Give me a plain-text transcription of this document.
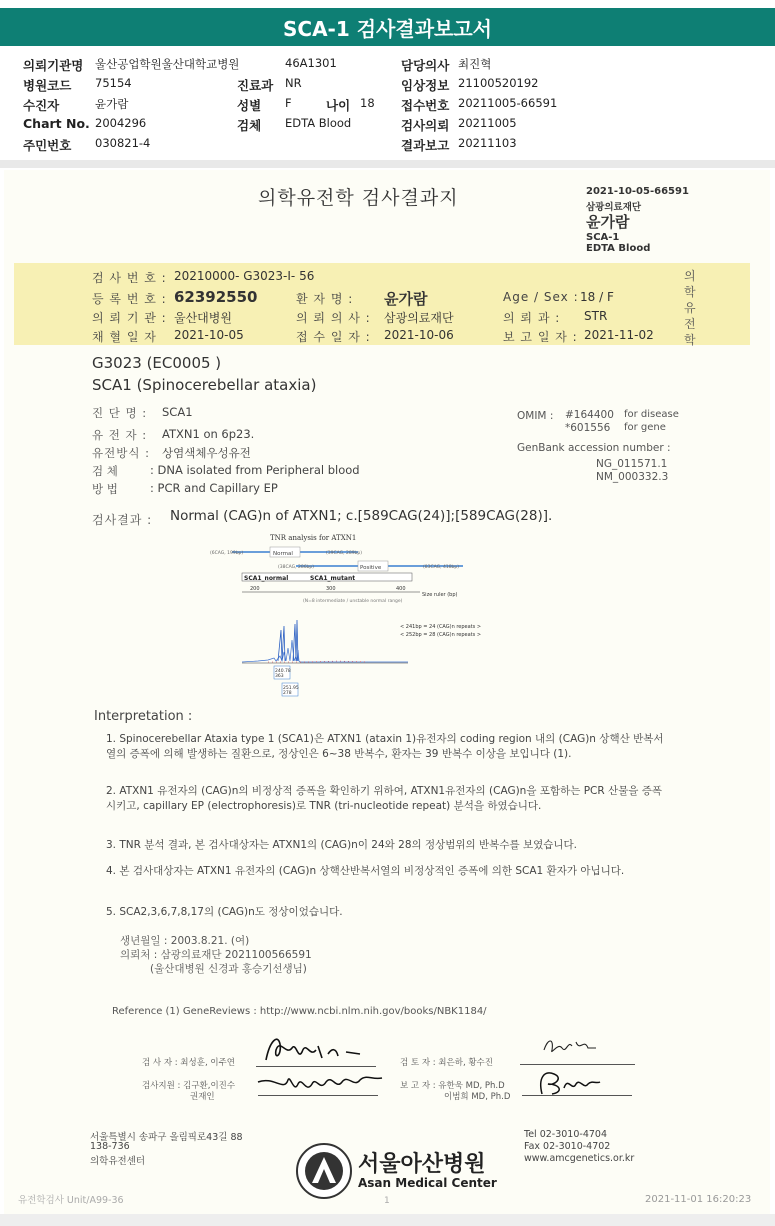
SCA-1 검사결과보고서
의뢰기관명 울산공업학원울산대학교병원	46A1301	담당의사 최진혁
병원코드 75154	진료과 NR	임상정보 21100520192
수진자	윤가람	성별 F	나이 18 접수번호 20211005-66591
Chart No. 2004296	검체 EDTA Blood	검사의뢰 20211005
주민번호 030821-4	결과보고 20211103
의학유전학 검사결과지	2021-10-05-66591
삼광의료재단
윤가람
SCA-1
EDTA Blood
의학유전학
검 사 번 호 : 20210000- G3023-I- 56
등 록 번 호 : 62392550	환 자 명 : 윤가람	Age / Sex : 18 / F
의 뢰 기 관 : 울산대병원	의 뢰 의 사 : 삼광의료재단	의 뢰 과 : STR
채 혈 일 자 2021-10-05	접 수 일 자 : 2021-10-06	보 고 일 자 : 2021-11-02
G3023 (EC0005 )
SCA1 (Spinocerebellar ataxia)
진 단 명 : SCA1
유 전 자 : ATXN1 on 6p23.
유전방식 : 상염색체우성유전
검 체	: DNA isolated from Peripheral blood
방 법	: PCR and Capillary EP
OMIM : #164400 for disease
*601556 for gene
GenBank accession number :
NG_011571.1
NM_000332.3
검사결과 : Normal (CAG)n of ATXN1; c.[589CAG(24)];[589CAG(28)].
TNR analysis for ATXN1
Normal
(6CAG, 199bp)	(39CAG, 289bp)
Positive
(38CAG, 286bp)	(83CAG, 418bp)
SCA1_normal	SCA1_mutant
200	300	400
Size ruler (bp)
(N=8 intermediate / unstable normal range)
< 241bp = 24 (CAG)n repeats >
< 252bp = 28 (CAG)n repeats >
240.78
363
251.95
278
Interpretation :
1. Spinocerebellar Ataxia type 1 (SCA1)은 ATXN1 (ataxin 1)유전자의 coding region 내의 (CAG)n 상핵산 반복서열의 증폭에 의해 발생하는 질환으로, 정상인은 6~38 반복수, 환자는 39 반복수 이상을 보입니다 (1).
2. ATXN1 유전자의 (CAG)n의 비정상적 증폭을 확인하기 위하여, ATXN1유전자의 (CAG)n을 포함하는 PCR 산물을 증폭시키고, capillary EP (electrophoresis)로 TNR (tri-nucleotide repeat) 분석을 하였습니다.
3. TNR 분석 결과, 본 검사대상자는 ATXN1의 (CAG)n이 24와 28의 정상범위의 반복수를 보였습니다.
4. 본 검사대상자는 ATXN1 유전자의 (CAG)n 상핵산반복서열의 비정상적인 증폭에 의한 SCA1 환자가 아닙니다.
5. SCA2,3,6,7,8,17의 (CAG)n도 정상이었습니다.
생년월일 : 2003.8.21. (여)
의뢰처 : 삼광의료재단 2021100566591
(울산대병원 신경과 홍승기선생님)
Reference (1) GeneReviews : http://www.ncbi.nlm.nih.gov/books/NBK1184/
검 사 자 : 최성훈, 이주연	검 토 자 : 최은하, 황수진
검사지원 : 김구환,이진수
권재인
보 고 자 : 유한욱 MD, Ph.D
이범희 MD, Ph.D
서울특별시 송파구 올림픽로43길 88
138-736
의학유전센터	서울아산병원
Asan Medical Center
Tel 02-3010-4704
Fax 02-3010-4702
www.amcgenetics.or.kr
유전학검사 Unit/A99-36	1	2021-11-01 16:20:23
